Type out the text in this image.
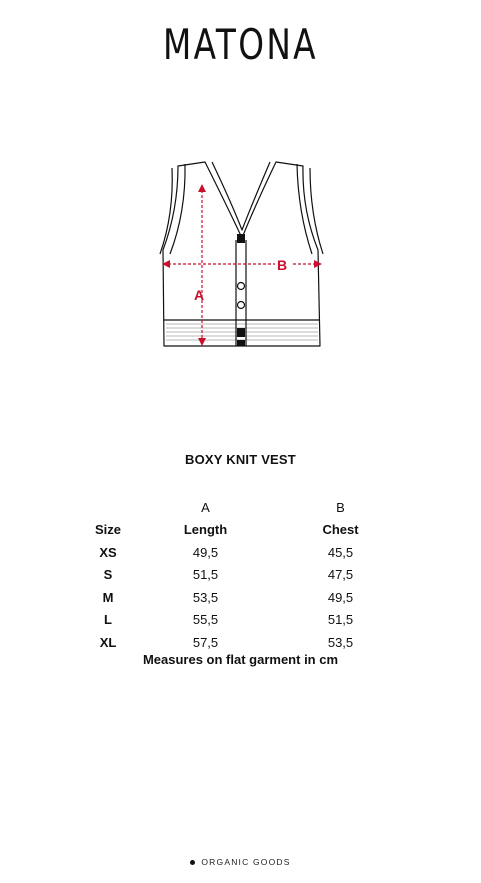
MATONA
A
B
BOXY KNIT VEST
	A	B
Size	Length	Chest
XS	49,5	45,5
S	51,5	47,5
M	53,5	49,5
L	55,5	51,5
XL	57,5	53,5
Measures on flat garment in cm
ORGANIC GOODS
